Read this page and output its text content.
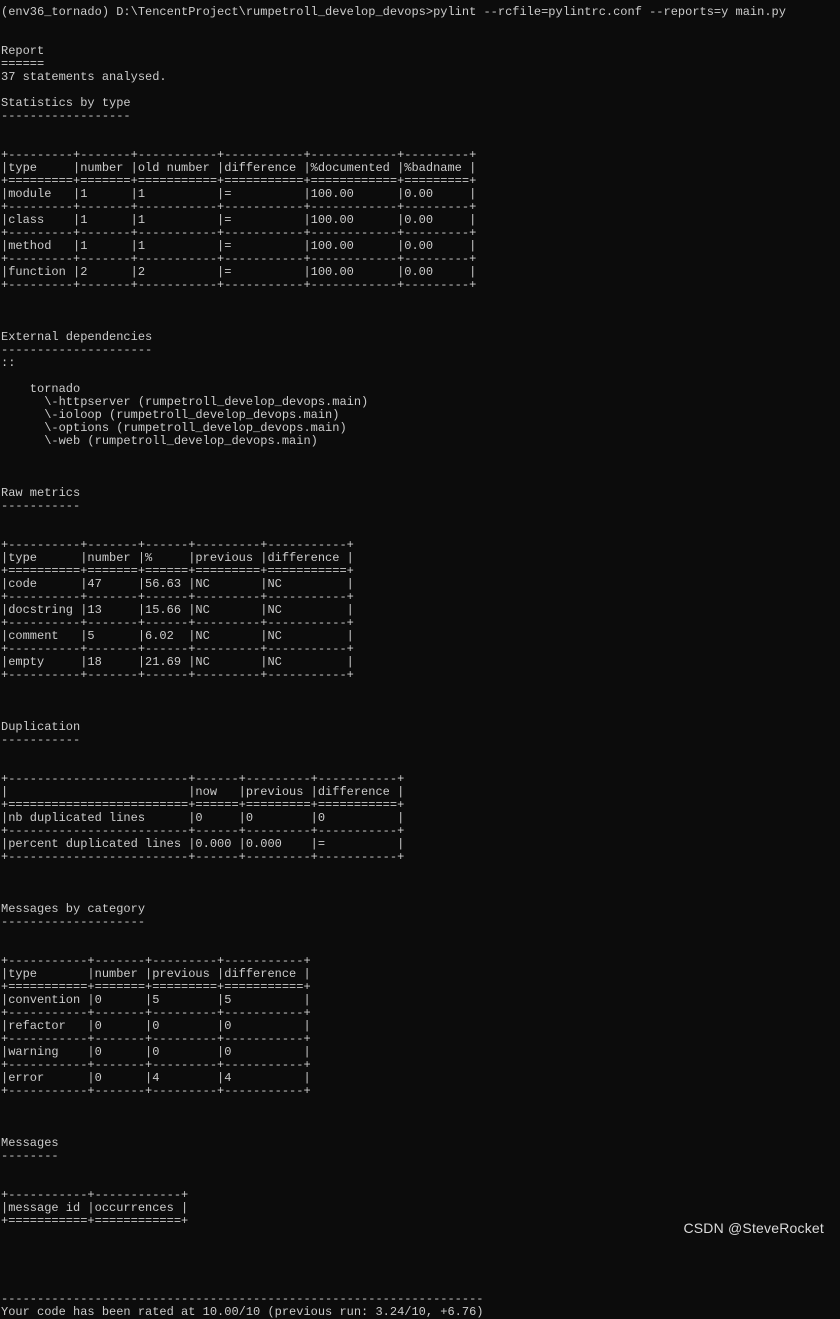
(env36_tornado) D:\TencentProject\rumpetroll_develop_devops>pylint --rcfile=pylintrc.conf --reports=y main.py
Report
======
37 statements analysed.
Statistics by type
------------------
+---------+-------+-----------+-----------+------------+---------+
|type     |number |old number |difference |%documented |%badname |
+=========+=======+===========+===========+============+=========+
|module   |1      |1          |=          |100.00      |0.00     |
+---------+-------+-----------+-----------+------------+---------+
|class    |1      |1          |=          |100.00      |0.00     |
+---------+-------+-----------+-----------+------------+---------+
|method   |1      |1          |=          |100.00      |0.00     |
+---------+-------+-----------+-----------+------------+---------+
|function |2      |2          |=          |100.00      |0.00     |
+---------+-------+-----------+-----------+------------+---------+
External dependencies
---------------------
::
tornado
\-httpserver (rumpetroll_develop_devops.main)
\-ioloop (rumpetroll_develop_devops.main)
\-options (rumpetroll_develop_devops.main)
\-web (rumpetroll_develop_devops.main)
Raw metrics
-----------
+----------+-------+------+---------+-----------+
|type      |number |%     |previous |difference |
+==========+=======+======+=========+===========+
|code      |47     |56.63 |NC       |NC         |
+----------+-------+------+---------+-----------+
|docstring |13     |15.66 |NC       |NC         |
+----------+-------+------+---------+-----------+
|comment   |5      |6.02  |NC       |NC         |
+----------+-------+------+---------+-----------+
|empty     |18     |21.69 |NC       |NC         |
+----------+-------+------+---------+-----------+
Duplication
-----------
+-------------------------+------+---------+-----------+
|                         |now   |previous |difference |
+=========================+======+=========+===========+
|nb duplicated lines      |0     |0        |0          |
+-------------------------+------+---------+-----------+
|percent duplicated lines |0.000 |0.000    |=          |
+-------------------------+------+---------+-----------+
Messages by category
--------------------
+-----------+-------+---------+-----------+
|type       |number |previous |difference |
+===========+=======+=========+===========+
|convention |0      |5        |5          |
+-----------+-------+---------+-----------+
|refactor   |0      |0        |0          |
+-----------+-------+---------+-----------+
|warning    |0      |0        |0          |
+-----------+-------+---------+-----------+
|error      |0      |4        |4          |
+-----------+-------+---------+-----------+
Messages
--------
+-----------+------------+
|message id |occurrences |
+===========+============+
-------------------------------------------------------------------
Your code has been rated at 10.00/10 (previous run: 3.24/10, +6.76)
CSDN @SteveRocket
